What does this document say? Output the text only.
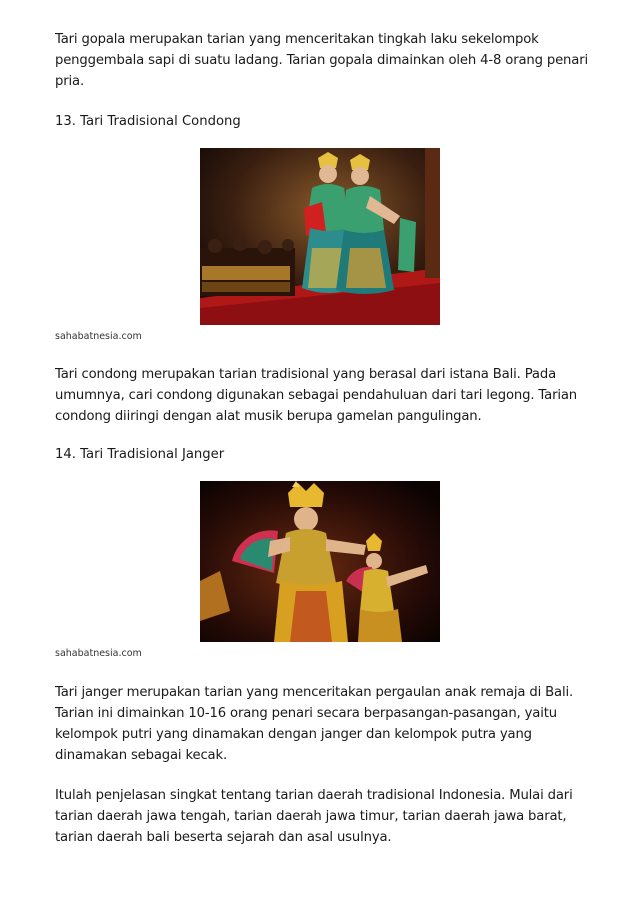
Tari gopala merupakan tarian yang menceritakan tingkah laku sekelompok penggembala sapi di suatu ladang. Tarian gopala dimainkan oleh 4-8 orang penari pria.

13. Tari Tradisional Condong

sahabatnesia.com

Tari condong merupakan tarian tradisional yang berasal dari istana Bali. Pada umumnya, cari condong digunakan sebagai pendahuluan dari tari legong. Tarian condong diiringi dengan alat musik berupa gamelan pangulingan.

14. Tari Tradisional Janger

sahabatnesia.com

Tari janger merupakan tarian yang menceritakan pergaulan anak remaja di Bali. Tarian ini dimainkan 10-16 orang penari secara berpasangan-pasangan, yaitu kelompok putri yang dinamakan dengan janger dan kelompok putra yang dinamakan sebagai kecak.

Itulah penjelasan singkat tentang tarian daerah tradisional Indonesia. Mulai dari tarian daerah jawa tengah, tarian daerah jawa timur, tarian daerah jawa barat, tarian daerah bali beserta sejarah dan asal usulnya.
